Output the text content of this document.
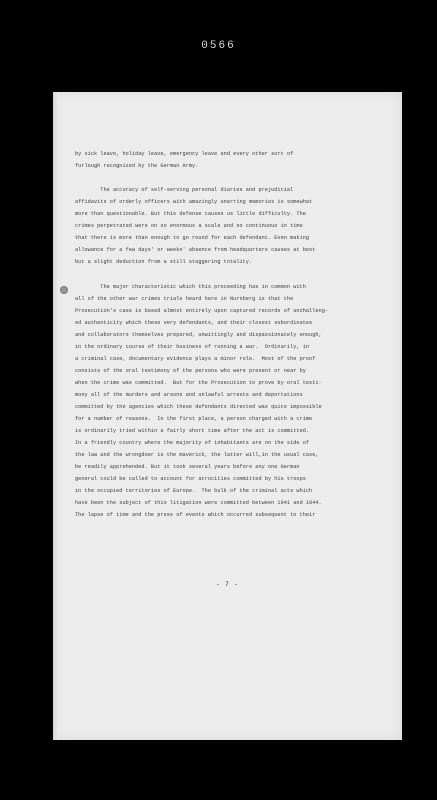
0566
by sick leave, holiday leave, emergency leave and every other sort of
furlough recognized by the German Army.

The accuracy of self-serving personal diaries and prejudicial
affidavits of orderly officers with amazingly unerring memories is somewhat
more than questionable. But this defense causes us little difficulty. The
crimes perpetrated were on so enormous a scale and so continuous in time
that there is more than enough to go round for each defendant. Even making
allowance for a few days' or weeks' absence from headquarters causes at best
but a slight deduction from a still staggering totality.

The major characteristic which this proceeding has in common with
all of the other war crimes trials heard here in Nurnberg is that the
Prosecution's case is based almost entirely upon captured records of unchalleng-
ed authenticity which these very defendants, and their closest subordinates
and collaborators themselves prepared, unwittingly and dispassionately enough,
in the ordinary course of their business of running a war.  Ordinarily, in
a criminal case, documentary evidence plays a minor role.  Most of the proof
consists of the oral testimony of the persons who were present or near by
when the crime was committed.  But for the Prosecution to prove by oral testi-
mony all of the murders and arsons and unlawful arrests and deportations
committed by the agencies which these defendants directed was quite impossible
for a number of reasons.  In the first place, a person charged with a crime
is ordinarily tried within a fairly short time after the act is committed.
In a friendly country where the majority of inhabitants are on the side of
the law and the wrongdoer is the maverick, the latter will,in the usual case,
be readily apprehended. But it took several years before any one German
general could be called to account for atrocities committed by his troops
in the occupied territories of Europe.  The bulk of the criminal acts which
have been the subject of this litigation were committed between 1941 and 1944.
The lapse of time and the press of events which occurred subsequent to their
- 7 -
